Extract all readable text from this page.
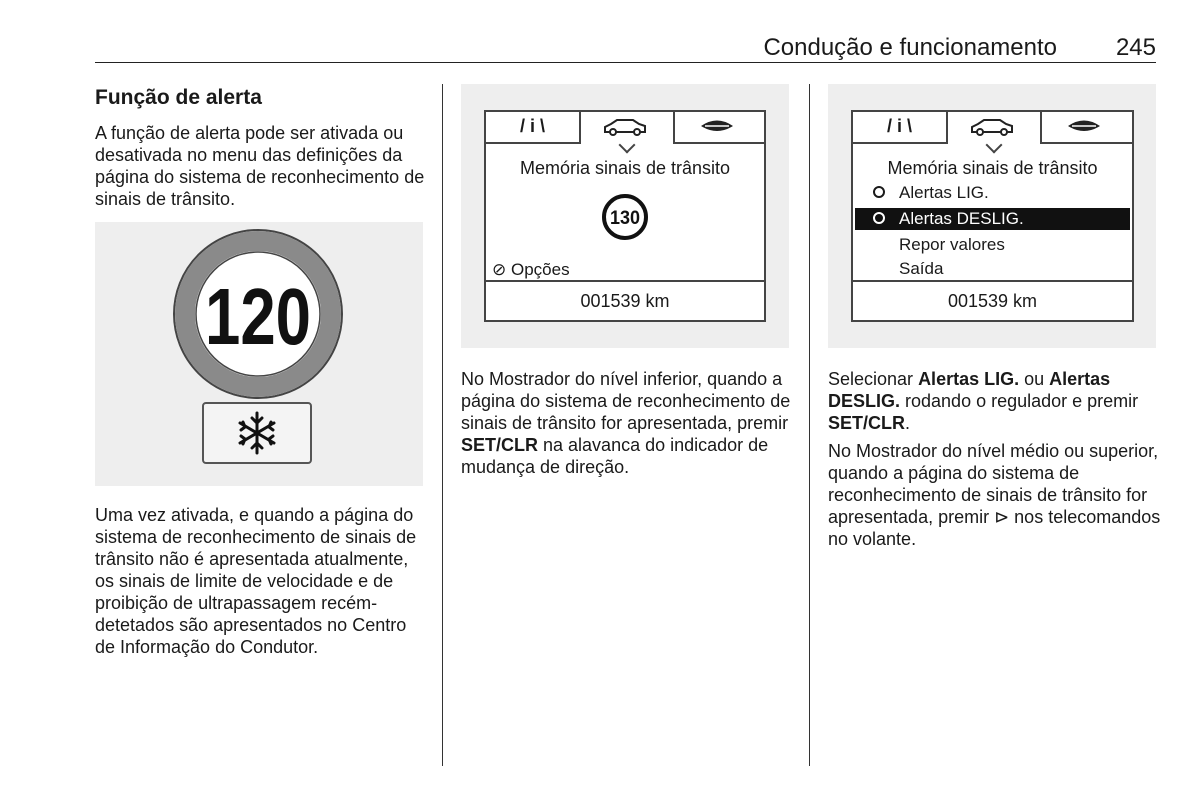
Condução e funcionamento 245
Função de alerta

A função de alerta pode ser ativada ou desativada no menu das definições da página do sistema de reconhecimento de sinais de trânsito.

120

Uma vez ativada, e quando a página do sistema de reconhecimento de sinais de trânsito não é apresentada atualmente, os sinais de limite de velocidade e de proibição de ultrapassagem recém-detetados são apresentados no Centro de Informação do Condutor.

/ i \
Memória sinais de trânsito
130
⊘ Opções
001539 km

No Mostrador do nível inferior, quando a página do sistema de reconhecimento de sinais de trânsito for apresentada, premir SET/CLR na alavanca do indicador de mudança de direção.

/ i \
Memória sinais de trânsito
Alertas LIG.
Alertas DESLIG.
Repor valores
Saída
001539 km

Selecionar Alertas LIG. ou Alertas DESLIG. rodando o regulador e premir SET/CLR.

No Mostrador do nível médio ou superior, quando a página do sistema de reconhecimento de sinais de trânsito for apresentada, premir ⊳ nos telecomandos no volante.
